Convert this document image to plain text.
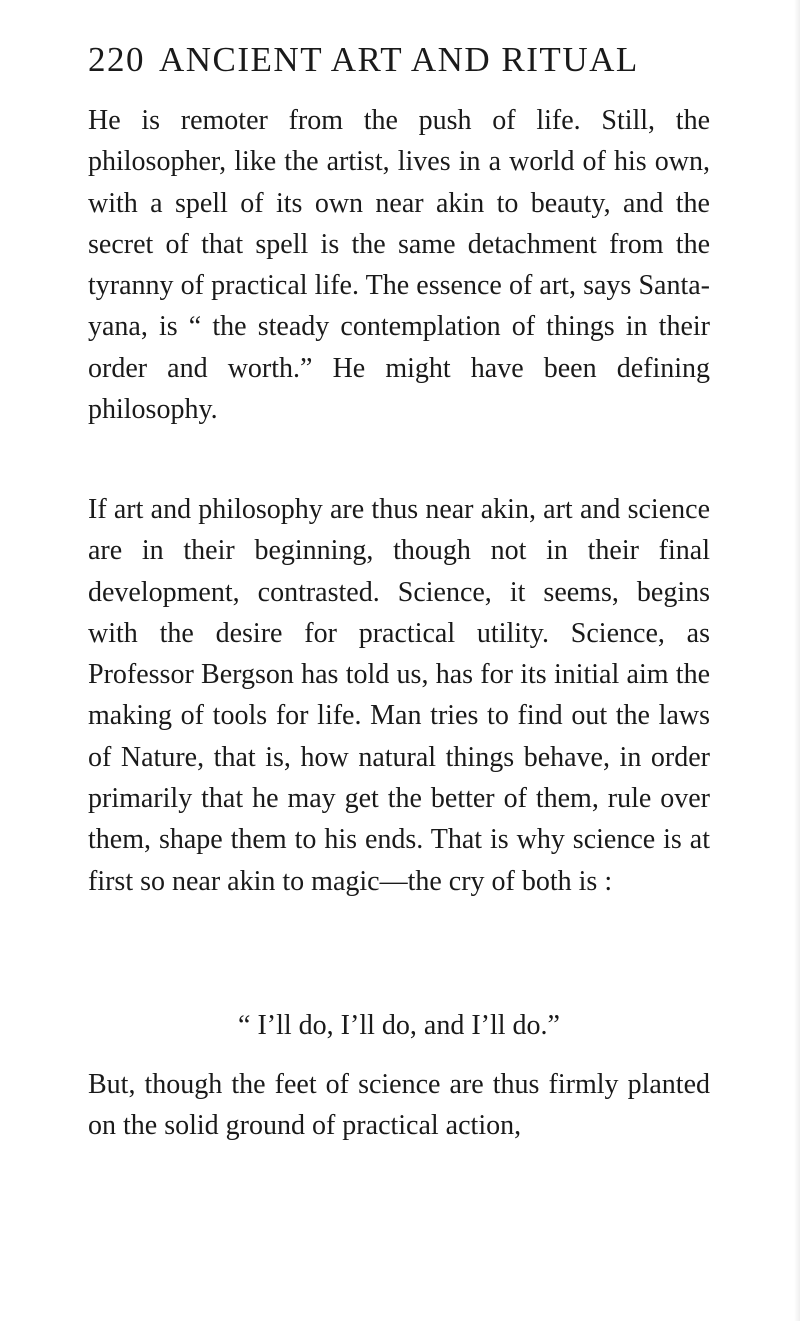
220 ANCIENT ART AND RITUAL
He is remoter from the push of life. Still, the philosopher, like the artist, lives in a world of his own, with a spell of its own near akin to beauty, and the secret of that spell is the same detachment from the tyranny of practical life. The essence of art, says Santa-yana, is “ the steady contemplation of things in their order and worth.” He might have been defining philosophy.
If art and philosophy are thus near akin, art and science are in their beginning, though not in their final development, contrasted. Science, it seems, begins with the desire for practical utility. Science, as Professor Bergson has told us, has for its initial aim the making of tools for life. Man tries to find out the laws of Nature, that is, how natural things behave, in order primarily that he may get the better of them, rule over them, shape them to his ends. That is why science is at first so near akin to magic—the cry of both is :
“ I’ll do, I’ll do, and I’ll do.”
But, though the feet of science are thus firmly planted on the solid ground of practical action,
